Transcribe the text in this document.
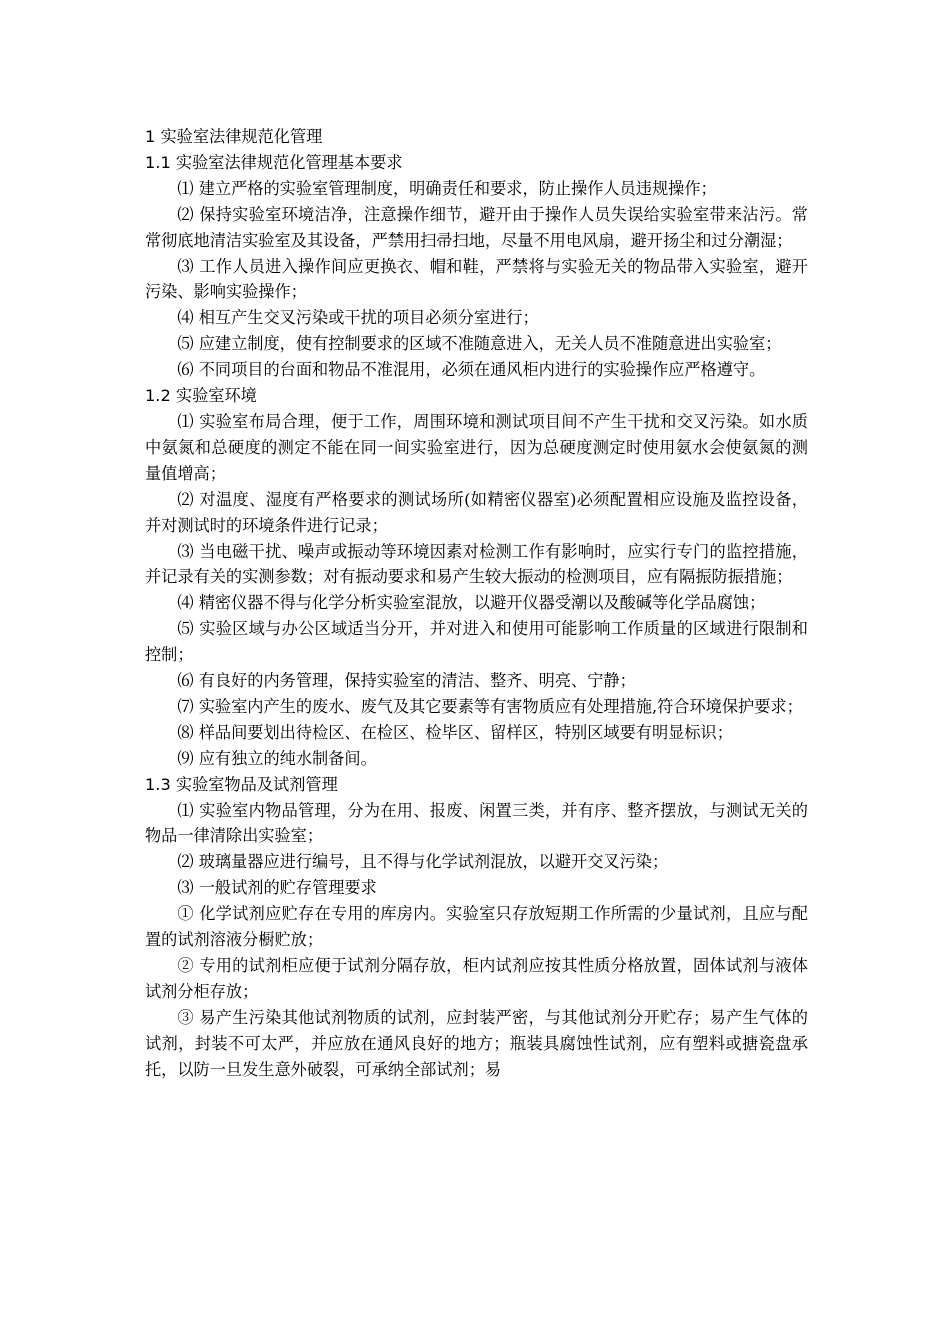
1 实验室法律规范化管理

1.1 实验室法律规范化管理基本要求

⑴ 建立严格的实验室管理制度，明确责任和要求，防止操作人员违规操作；

⑵ 保持实验室环境洁净，注意操作细节，避开由于操作人员失误给实验室带来沾污。常常彻底地清洁实验室及其设备，严禁用扫帚扫地，尽量不用电风扇，避开扬尘和过分潮湿；

⑶ 工作人员进入操作间应更换衣、帽和鞋，严禁将与实验无关的物品带入实验室，避开污染、影响实验操作；

⑷ 相互产生交叉污染或干扰的项目必须分室进行；

⑸ 应建立制度，使有控制要求的区域不准随意进入，无关人员不准随意进出实验室；

⑹ 不同项目的台面和物品不准混用，必须在通风柜内进行的实验操作应严格遵守。

1.2 实验室环境

⑴ 实验室布局合理，便于工作，周围环境和测试项目间不产生干扰和交叉污染。如水质中氨氮和总硬度的测定不能在同一间实验室进行，因为总硬度测定时使用氨水会使氨氮的测量值增高；

⑵ 对温度、湿度有严格要求的测试场所(如精密仪器室)必须配置相应设施及监控设备，并对测试时的环境条件进行记录；

⑶ 当电磁干扰、噪声或振动等环境因素对检测工作有影响时，应实行专门的监控措施，并记录有关的实测参数；对有振动要求和易产生较大振动的检测项目，应有隔振防振措施；

⑷ 精密仪器不得与化学分析实验室混放，以避开仪器受潮以及酸碱等化学品腐蚀；

⑸ 实验区域与办公区域适当分开，并对进入和使用可能影响工作质量的区域进行限制和控制；

⑹ 有良好的内务管理，保持实验室的清洁、整齐、明亮、宁静；

⑺ 实验室内产生的废水、废气及其它要素等有害物质应有处理措施,符合环境保护要求；

⑻ 样品间要划出待检区、在检区、检毕区、留样区，特别区域要有明显标识；

⑼ 应有独立的纯水制备间。

1.3 实验室物品及试剂管理

⑴ 实验室内物品管理，分为在用、报废、闲置三类，并有序、整齐摆放，与测试无关的物品一律清除出实验室；

⑵ 玻璃量器应进行编号，且不得与化学试剂混放，以避开交叉污染；

⑶ 一般试剂的贮存管理要求

① 化学试剂应贮存在专用的库房内。实验室只存放短期工作所需的少量试剂，且应与配置的试剂溶液分橱贮放；

② 专用的试剂柜应便于试剂分隔存放，柜内试剂应按其性质分格放置，固体试剂与液体试剂分柜存放；

③ 易产生污染其他试剂物质的试剂，应封装严密，与其他试剂分开贮存；易产生气体的试剂，封装不可太严，并应放在通风良好的地方；瓶装具腐蚀性试剂，应有塑料或搪瓷盘承托，以防一旦发生意外破裂，可承纳全部试剂；易
